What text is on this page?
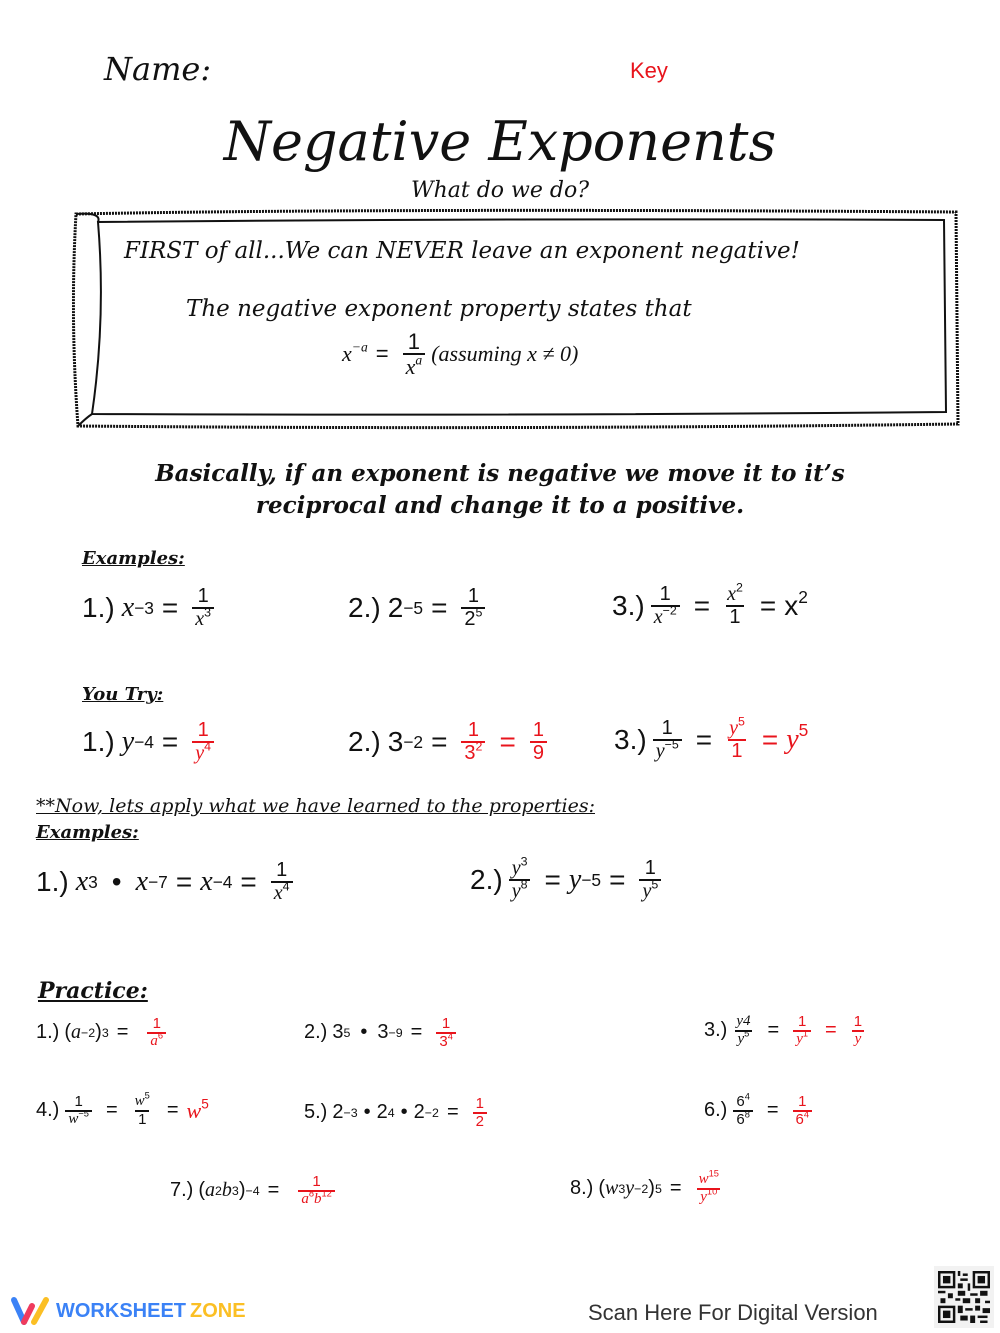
Name:	Key
Negative Exponents
What do we do?
FIRST of all...We can NEVER leave an exponent negative!
The negative exponent property states that
$x^{-a} = \frac{1}{x^a}$ (assuming x ≠ 0)
Basically, if an exponent is negative we move it to it’s
reciprocal and change it to a positive.
Examples:
1.)
$x -3 = \frac{1}{x^3}$	2.)
$2 -5 = \frac{1}{2^5}$	$3.) \frac{1}{x^{-2}} = \frac{x^2}{1} = x^2$
You Try:
1.)
$y -4 = \frac{1}{y^4}$	2.)
$3 -2 = \frac{1}{3^2} = \frac{1}{9} 3.) \frac{1}{y^{-5}} = \frac{y^5}{1} = y^5$
**Now, lets apply what we have learned to the properties:
Examples:
1.)
x 3 • $x -7 = x -4 = \frac{1}{x^4}$	$2.) \frac{y^3}{y^8} = y -5 = \frac{1}{y^5}$
Practice:
1.)
( a −2 ) 3 =
$\frac{1}{a^6}$	2.)
3 5 • $3 -9 = \frac{1}{3^4}$	$3.) \frac{y4}{y^5} = \frac{1}{y^1} = \frac{1}{y}$
$4.) \frac{1}{w^{-5}} = \frac{w^5}{1} = w^5$	5.)
2 −3 • 2 4 • $2 -2 = \frac{1}{2}$	$6.) \frac{6^4}{6^8} = \frac{1}{6^4}$
7.)
( a 2 b 3 ) −4 =
$\frac{1}{a^8b^{12}}$	8.)
( w 3 y −2 ) $5 = \frac{w^{15}}{y^{10}}$
WORKSHEET ZONE	Scan Here For Digital Version
